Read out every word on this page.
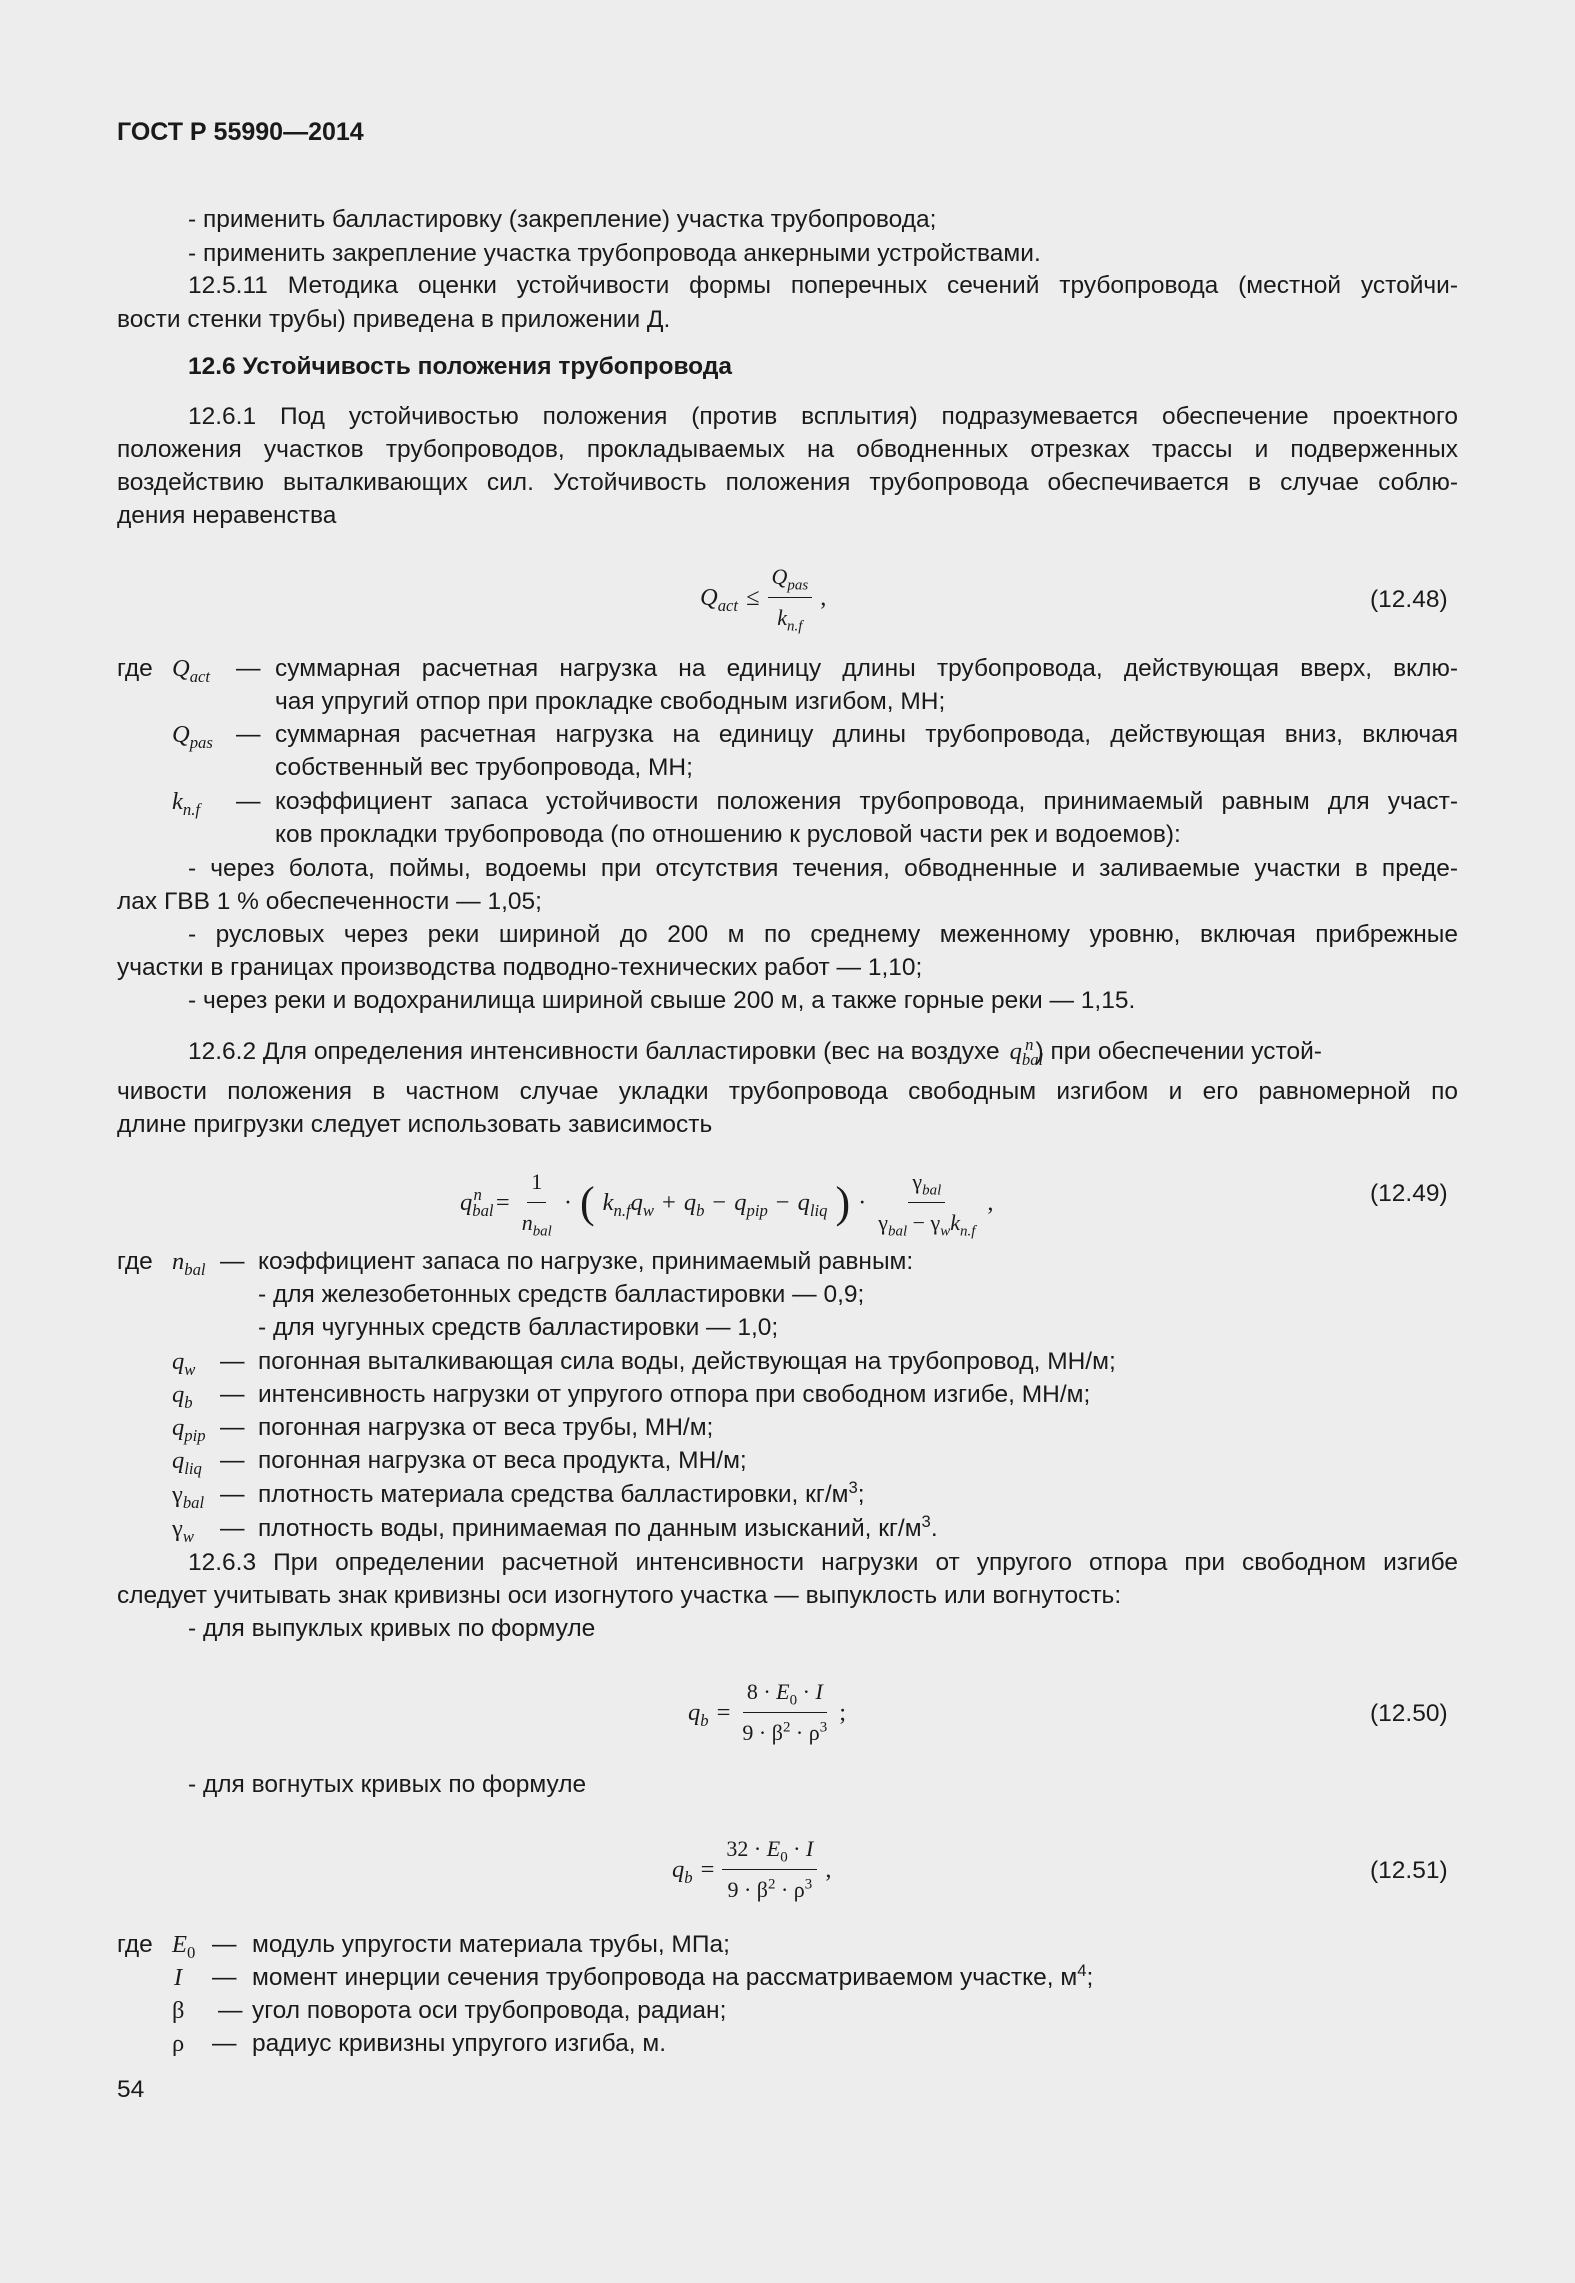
ГОСТ Р 55990—2014
- применить балластировку (закрепление) участка трубопровода;
- применить закрепление участка трубопровода анкерными устройствами.
12.5.11 Методика оценки устойчивости формы поперечных сечений трубопровода (местной устойчи-
вости стенки трубы) приведена в приложении Д.
12.6 Устойчивость положения трубопровода
12.6.1 Под устойчивостью положения (против всплытия) подразумевается обеспечение проектного
положения участков трубопроводов, прокладываемых на обводненных отрезках трассы и подверженных
воздействию выталкивающих сил. Устойчивость положения трубопровода обеспечивается в случае соблю-
дения неравенства
$Q_{act} \le \frac{Q_{pas}}{k_{n.f}}$ ,	(12.48)
где $Q_{act}$ — суммарная расчетная нагрузка на единицу длины трубопровода, действующая вверх, вклю-
чая упругий отпор при прокладке свободным изгибом, МН;
$Q_{pas}$ — суммарная расчетная нагрузка на единицу длины трубопровода, действующая вниз, включая
собственный вес трубопровода, МН;
$k_{n.f}$ — коэффициент запаса устойчивости положения трубопровода, принимаемый равным для участ-
ков прокладки трубопровода (по отношению к русловой части рек и водоемов):
- через болота, поймы, водоемы при отсутствия течения, обводненные и заливаемые участки в преде-
лах ГВВ 1 % обеспеченности — 1,05;
- русловых через реки шириной до 200 м по среднему меженному уровню, включая прибрежные
участки в границах производства подводно-технических работ — 1,10;
- через реки и водохранилища шириной свыше 200 м, а также горные реки — 1,15.
12.6.2 Для определения интенсивности балластировки (вес на воздухе $q_{bal}^n$ ) при обеспечении устой-
чивости положения в частном случае укладки трубопровода свободным изгибом и его равномерной по
длине пригрузки следует использовать зависимость
$q_{bal}^n = \frac{1}{n_{bal}}$ · ( $k_{n.f}q_w + q_b - q_{pip} - q_{liq}$ ) · $\frac{\gamma_{bal}}{\gamma_{bal} - \gamma_wk_{n.f}}$ ,	(12.49)
где $n_{bal}$ — коэффициент запаса по нагрузке, принимаемый равным:
- для железобетонных средств балластировки — 0,9;
- для чугунных средств балластировки — 1,0;
$q_w$ — погонная выталкивающая сила воды, действующая на трубопровод, МН/м;
$q_b$ — интенсивность нагрузки от упругого отпора при свободном изгибе, МН/м;
$q_{pip}$ — погонная нагрузка от веса трубы, МН/м;
$q_{liq}$ — погонная нагрузка от веса продукта, МН/м;
$\gamma_{bal}$ — плотность материала средства балластировки, $кг/м^3$;
$\gamma_w$ — плотность воды, принимаемая по данным изысканий, $кг/м^3$.
12.6.3 При определении расчетной интенсивности нагрузки от упругого отпора при свободном изгибе
следует учитывать знак кривизны оси изогнутого участка — выпуклость или вогнутость:
- для выпуклых кривых по формуле
$q_b = \frac{8 \cdot E_0 \cdot I}{9 \cdot \beta^2 \cdot \rho^3}$ ;	(12.50)
- для вогнутых кривых по формуле
$q_b = \frac{32 \cdot E_0 \cdot I}{9 \cdot \beta^2 \cdot \rho^3}$ ,	(12.51)
где $E_0$ — модуль упругости материала трубы, МПа;
I — момент инерции сечения трубопровода на рассматриваемом участке, $м^4$;
β — угол поворота оси трубопровода, радиан;
ρ — радиус кривизны упругого изгиба, м.
54
